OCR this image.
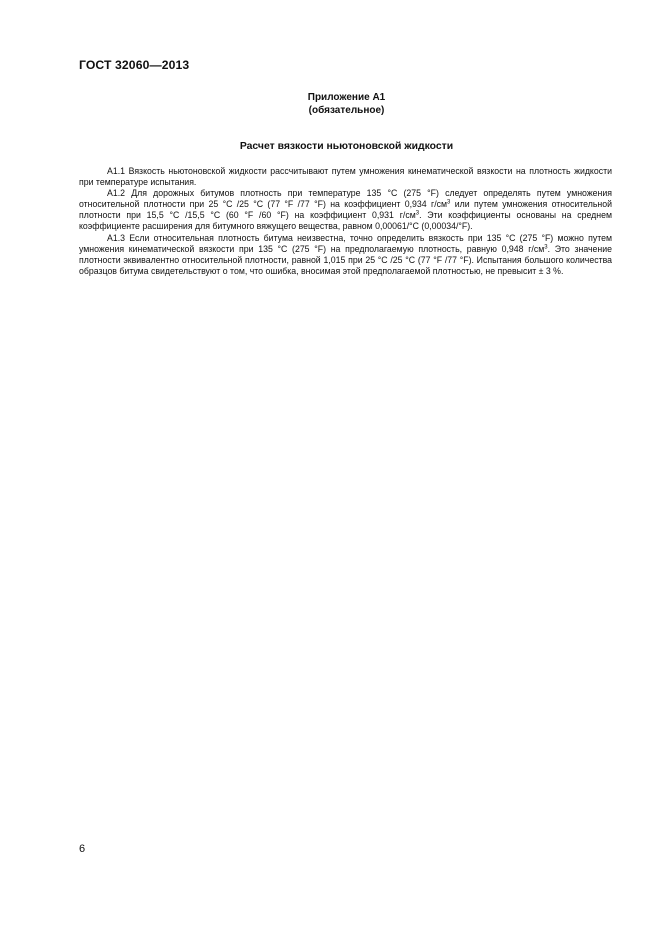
ГОСТ 32060—2013
Приложение А1
(обязательное)
Расчет вязкости ньютоновской жидкости

А1.1 Вязкость ньютоновской жидкости рассчитывают путем умножения кинематической вязкости на плотность жидкости при температуре испытания.

А1.2 Для дорожных битумов плотность при температуре 135 °С (275 °F) следует определять путем умножения относительной плотности при 25 °С /25 °С (77 °F /77 °F) на коэффициент 0,934 $г/см^3$ или путем умножения относительной плотности при 15,5 °С /15,5 °С (60 °F /60 °F) на коэффициент 0,931 $г/см^3$. Эти коэффициенты основаны на среднем коэффициенте расширения для битумного вяжущего вещества, равном 0,00061/°С (0,00034/°F).

А1.3 Если относительная плотность битума неизвестна, точно определить вязкость при 135 °С (275 °F) можно путем умножения кинематической вязкости при 135 °С (275 °F) на предполагаемую плотность, равную 0,948 $г/см^3$. Это значение плотности эквивалентно относительной плотности, равной 1,015 при 25 °С /25 °С (77 °F /77 °F). Испытания большого количества образцов битума свидетельствуют о том, что ошибка, вносимая этой предполагаемой плотностью, не превысит ± 3 %.

6
